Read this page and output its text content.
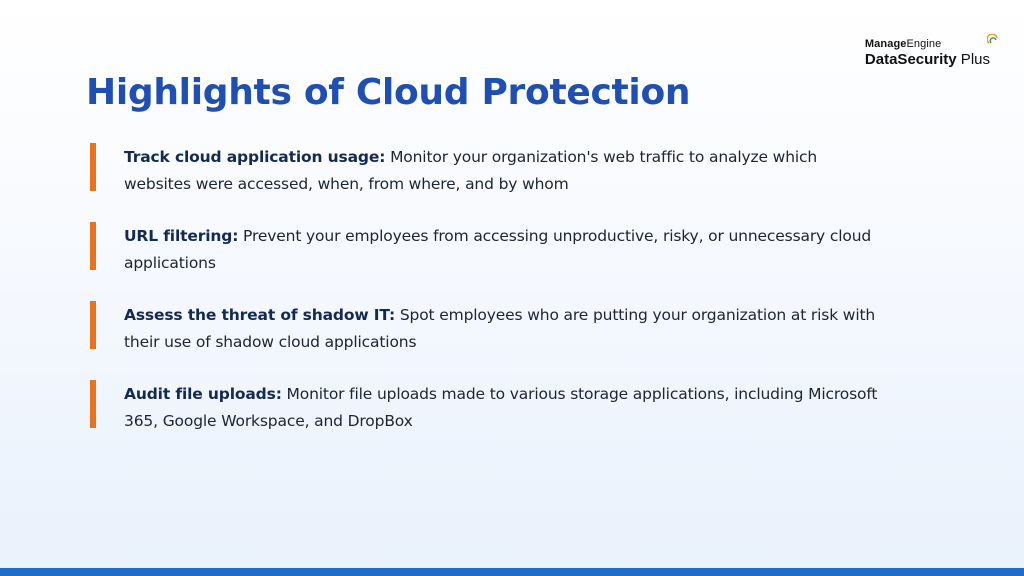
ManageEngine
DataSecurity Plus
Highlights of Cloud Protection
Track cloud application usage: Monitor your organization's web traffic to analyze which websites were accessed, when, from where, and by whom
URL filtering: Prevent your employees from accessing unproductive, risky, or unnecessary cloud applications
Assess the threat of shadow IT: Spot employees who are putting your organization at risk with their use of shadow cloud applications
Audit file uploads: Monitor file uploads made to various storage applications, including Microsoft 365, Google Workspace, and DropBox
